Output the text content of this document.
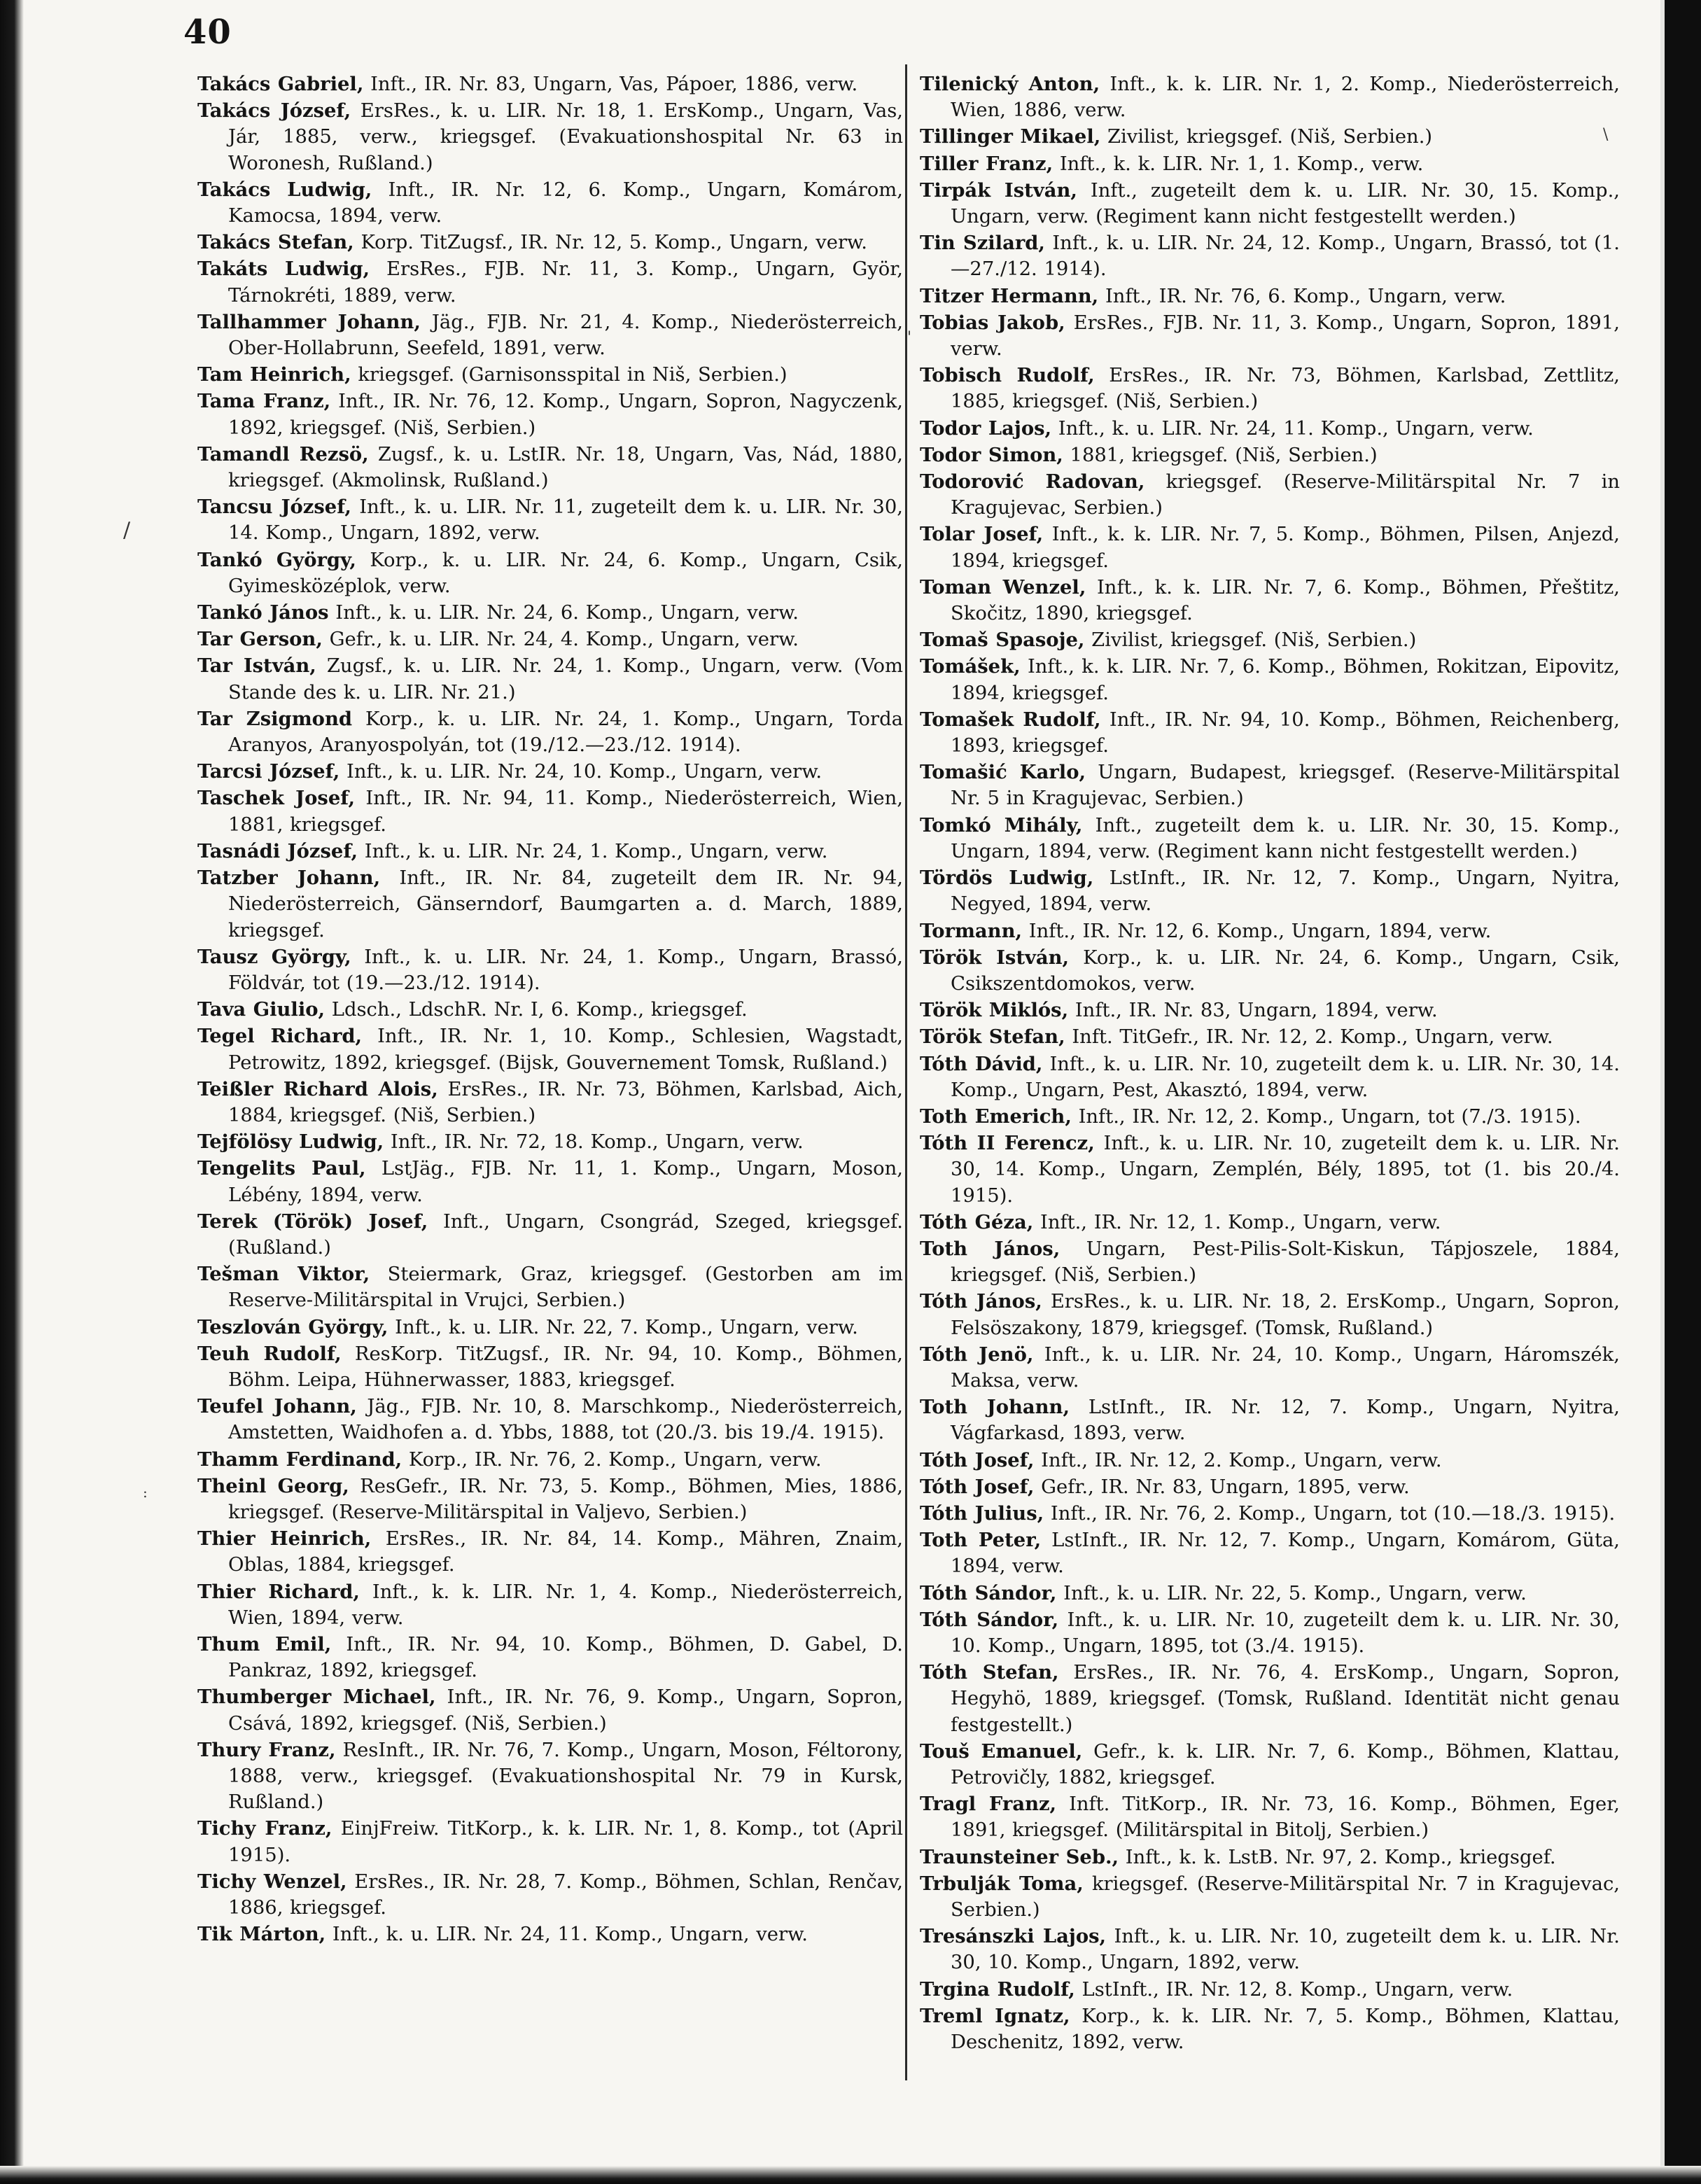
40
/
:
\
'

Takács Gabriel, Inft., IR. Nr. 83, Ungarn, Vas, Pápoer, 1886, verw.

Takács József, ErsRes., k. u. LIR. Nr. 18, 1. ErsKomp., Ungarn, Vas, Jár, 1885, verw., kriegsgef. (Evakuationshospital Nr. 63 in Woronesh, Rußland.)

Takács Ludwig, Inft., IR. Nr. 12, 6. Komp., Ungarn, Komárom, Kamocsa, 1894, verw.

Takács Stefan, Korp. TitZugsf., IR. Nr. 12, 5. Komp., Ungarn, verw.

Takáts Ludwig, ErsRes., FJB. Nr. 11, 3. Komp., Ungarn, Györ, Tárnokréti, 1889, verw.

Tallhammer Johann, Jäg., FJB. Nr. 21, 4. Komp., Niederösterreich, Ober-Hollabrunn, Seefeld, 1891, verw.

Tam Heinrich, kriegsgef. (Garnisonsspital in Niš, Serbien.)

Tama Franz, Inft., IR. Nr. 76, 12. Komp., Ungarn, Sopron, Nagyczenk, 1892, kriegsgef. (Niš, Serbien.)

Tamandl Rezsö, Zugsf., k. u. LstIR. Nr. 18, Ungarn, Vas, Nád, 1880, kriegsgef. (Akmolinsk, Rußland.)

Tancsu József, Inft., k. u. LIR. Nr. 11, zugeteilt dem k. u. LIR. Nr. 30, 14. Komp., Ungarn, 1892, verw.

Tankó György, Korp., k. u. LIR. Nr. 24, 6. Komp., Ungarn, Csik, Gyimesközéplok, verw.

Tankó János Inft., k. u. LIR. Nr. 24, 6. Komp., Ungarn, verw.

Tar Gerson, Gefr., k. u. LIR. Nr. 24, 4. Komp., Ungarn, verw.

Tar István, Zugsf., k. u. LIR. Nr. 24, 1. Komp., Ungarn, verw. (Vom Stande des k. u. LIR. Nr. 21.)

Tar Zsigmond Korp., k. u. LIR. Nr. 24, 1. Komp., Ungarn, Torda Aranyos, Aranyospolyán, tot (19./12.—23./12. 1914).

Tarcsi József, Inft., k. u. LIR. Nr. 24, 10. Komp., Ungarn, verw.

Taschek Josef, Inft., IR. Nr. 94, 11. Komp., Niederösterreich, Wien, 1881, kriegsgef.

Tasnádi József, Inft., k. u. LIR. Nr. 24, 1. Komp., Ungarn, verw.

Tatzber Johann, Inft., IR. Nr. 84, zugeteilt dem IR. Nr. 94, Niederösterreich, Gänserndorf, Baumgarten a. d. March, 1889, kriegsgef.

Tausz György, Inft., k. u. LIR. Nr. 24, 1. Komp., Ungarn, Brassó, Földvár, tot (19.—23./12. 1914).

Tava Giulio, Ldsch., LdschR. Nr. I, 6. Komp., kriegsgef.

Tegel Richard, Inft., IR. Nr. 1, 10. Komp., Schlesien, Wagstadt, Petrowitz, 1892, kriegsgef. (Bijsk, Gouvernement Tomsk, Rußland.)

Teißler Richard Alois, ErsRes., IR. Nr. 73, Böhmen, Karlsbad, Aich, 1884, kriegsgef. (Niš, Serbien.)

Tejfölösy Ludwig, Inft., IR. Nr. 72, 18. Komp., Ungarn, verw.

Tengelits Paul, LstJäg., FJB. Nr. 11, 1. Komp., Ungarn, Moson, Lébény, 1894, verw.

Terek (Török) Josef, Inft., Ungarn, Csongrád, Szeged, kriegsgef. (Rußland.)

Tešman Viktor, Steiermark, Graz, kriegsgef. (Gestorben am im Reserve-Militärspital in Vrujci, Serbien.)

Teszlován György, Inft., k. u. LIR. Nr. 22, 7. Komp., Ungarn, verw.

Teuh Rudolf, ResKorp. TitZugsf., IR. Nr. 94, 10. Komp., Böhmen, Böhm. Leipa, Hühnerwasser, 1883, kriegsgef.

Teufel Johann, Jäg., FJB. Nr. 10, 8. Marschkomp., Niederösterreich, Amstetten, Waidhofen a. d. Ybbs, 1888, tot (20./3. bis 19./4. 1915).

Thamm Ferdinand, Korp., IR. Nr. 76, 2. Komp., Ungarn, verw.

Theinl Georg, ResGefr., IR. Nr. 73, 5. Komp., Böhmen, Mies, 1886, kriegsgef. (Reserve-Militärspital in Valjevo, Serbien.)

Thier Heinrich, ErsRes., IR. Nr. 84, 14. Komp., Mähren, Znaim, Oblas, 1884, kriegsgef.

Thier Richard, Inft., k. k. LIR. Nr. 1, 4. Komp., Niederösterreich, Wien, 1894, verw.

Thum Emil, Inft., IR. Nr. 94, 10. Komp., Böhmen, D. Gabel, D. Pankraz, 1892, kriegsgef.

Thumberger Michael, Inft., IR. Nr. 76, 9. Komp., Ungarn, Sopron, Csává, 1892, kriegsgef. (Niš, Serbien.)

Thury Franz, ResInft., IR. Nr. 76, 7. Komp., Ungarn, Moson, Féltorony, 1888, verw., kriegsgef. (Evakuationshospital Nr. 79 in Kursk, Rußland.)

Tichy Franz, EinjFreiw. TitKorp., k. k. LIR. Nr. 1, 8. Komp., tot (April 1915).

Tichy Wenzel, ErsRes., IR. Nr. 28, 7. Komp., Böhmen, Schlan, Renčav, 1886, kriegsgef.

Tik Márton, Inft., k. u. LIR. Nr. 24, 11. Komp., Ungarn, verw.

Tilenický Anton, Inft., k. k. LIR. Nr. 1, 2. Komp., Niederösterreich, Wien, 1886, verw.

Tillinger Mikael, Zivilist, kriegsgef. (Niš, Serbien.)

Tiller Franz, Inft., k. k. LIR. Nr. 1, 1. Komp., verw.

Tirpák István, Inft., zugeteilt dem k. u. LIR. Nr. 30, 15. Komp., Ungarn, verw. (Regiment kann nicht festgestellt werden.)

Tin Szilard, Inft., k. u. LIR. Nr. 24, 12. Komp., Ungarn, Brassó, tot (1.—27./12. 1914).

Titzer Hermann, Inft., IR. Nr. 76, 6. Komp., Ungarn, verw.

Tobias Jakob, ErsRes., FJB. Nr. 11, 3. Komp., Ungarn, Sopron, 1891, verw.

Tobisch Rudolf, ErsRes., IR. Nr. 73, Böhmen, Karlsbad, Zettlitz, 1885, kriegsgef. (Niš, Serbien.)

Todor Lajos, Inft., k. u. LIR. Nr. 24, 11. Komp., Ungarn, verw.

Todor Simon, 1881, kriegsgef. (Niš, Serbien.)

Todorović Radovan, kriegsgef. (Reserve-Militärspital Nr. 7 in Kragujevac, Serbien.)

Tolar Josef, Inft., k. k. LIR. Nr. 7, 5. Komp., Böhmen, Pilsen, Anjezd, 1894, kriegsgef.

Toman Wenzel, Inft., k. k. LIR. Nr. 7, 6. Komp., Böhmen, Přeštitz, Skočitz, 1890, kriegsgef.

Tomaš Spasoje, Zivilist, kriegsgef. (Niš, Serbien.)

Tomášek, Inft., k. k. LIR. Nr. 7, 6. Komp., Böhmen, Rokitzan, Eipovitz, 1894, kriegsgef.

Tomašek Rudolf, Inft., IR. Nr. 94, 10. Komp., Böhmen, Reichenberg, 1893, kriegsgef.

Tomašić Karlo, Ungarn, Budapest, kriegsgef. (Reserve-Militärspital Nr. 5 in Kragujevac, Serbien.)

Tomkó Mihály, Inft., zugeteilt dem k. u. LIR. Nr. 30, 15. Komp., Ungarn, 1894, verw. (Regiment kann nicht festgestellt werden.)

Tördös Ludwig, LstInft., IR. Nr. 12, 7. Komp., Ungarn, Nyitra, Negyed, 1894, verw.

Tormann, Inft., IR. Nr. 12, 6. Komp., Ungarn, 1894, verw.

Török István, Korp., k. u. LIR. Nr. 24, 6. Komp., Ungarn, Csik, Csikszentdomokos, verw.

Török Miklós, Inft., IR. Nr. 83, Ungarn, 1894, verw.

Török Stefan, Inft. TitGefr., IR. Nr. 12, 2. Komp., Ungarn, verw.

Tóth Dávid, Inft., k. u. LIR. Nr. 10, zugeteilt dem k. u. LIR. Nr. 30, 14. Komp., Ungarn, Pest, Akasztó, 1894, verw.

Toth Emerich, Inft., IR. Nr. 12, 2. Komp., Ungarn, tot (7./3. 1915).

Tóth II Ferencz, Inft., k. u. LIR. Nr. 10, zugeteilt dem k. u. LIR. Nr. 30, 14. Komp., Ungarn, Zemplén, Bély, 1895, tot (1. bis 20./4. 1915).

Tóth Géza, Inft., IR. Nr. 12, 1. Komp., Ungarn, verw.

Toth János, Ungarn, Pest-Pilis-Solt-Kiskun, Tápjoszele, 1884, kriegsgef. (Niš, Serbien.)

Tóth János, ErsRes., k. u. LIR. Nr. 18, 2. ErsKomp., Ungarn, Sopron, Felsöszakony, 1879, kriegsgef. (Tomsk, Rußland.)

Tóth Jenö, Inft., k. u. LIR. Nr. 24, 10. Komp., Ungarn, Háromszék, Maksa, verw.

Toth Johann, LstInft., IR. Nr. 12, 7. Komp., Ungarn, Nyitra, Vágfarkasd, 1893, verw.

Tóth Josef, Inft., IR. Nr. 12, 2. Komp., Ungarn, verw.

Tóth Josef, Gefr., IR. Nr. 83, Ungarn, 1895, verw.

Tóth Julius, Inft., IR. Nr. 76, 2. Komp., Ungarn, tot (10.—18./3. 1915).

Toth Peter, LstInft., IR. Nr. 12, 7. Komp., Ungarn, Komárom, Güta, 1894, verw.

Tóth Sándor, Inft., k. u. LIR. Nr. 22, 5. Komp., Ungarn, verw.

Tóth Sándor, Inft., k. u. LIR. Nr. 10, zugeteilt dem k. u. LIR. Nr. 30, 10. Komp., Ungarn, 1895, tot (3./4. 1915).

Tóth Stefan, ErsRes., IR. Nr. 76, 4. ErsKomp., Ungarn, Sopron, Hegyhö, 1889, kriegsgef. (Tomsk, Rußland. Identität nicht genau festgestellt.)

Touš Emanuel, Gefr., k. k. LIR. Nr. 7, 6. Komp., Böhmen, Klattau, Petrovičly, 1882, kriegsgef.

Tragl Franz, Inft. TitKorp., IR. Nr. 73, 16. Komp., Böhmen, Eger, 1891, kriegsgef. (Militärspital in Bitolj, Serbien.)

Traunsteiner Seb., Inft., k. k. LstB. Nr. 97, 2. Komp., kriegsgef.

Trbulják Toma, kriegsgef. (Reserve-Militärspital Nr. 7 in Kragujevac, Serbien.)

Tresánszki Lajos, Inft., k. u. LIR. Nr. 10, zugeteilt dem k. u. LIR. Nr. 30, 10. Komp., Ungarn, 1892, verw.

Trgina Rudolf, LstInft., IR. Nr. 12, 8. Komp., Ungarn, verw.

Treml Ignatz, Korp., k. k. LIR. Nr. 7, 5. Komp., Böhmen, Klattau, Deschenitz, 1892, verw.
